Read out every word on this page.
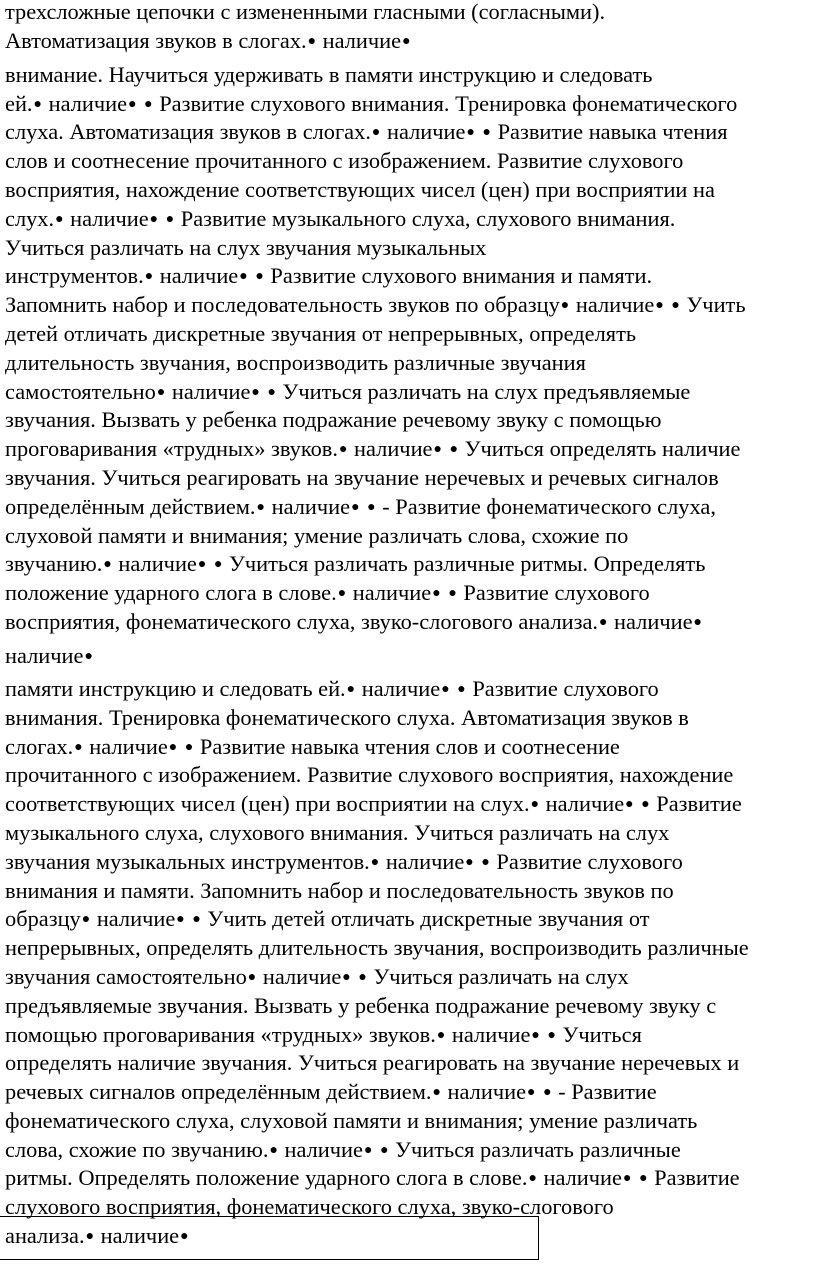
трехсложные цепочки с измененными гласными (согласными).
Автоматизация звуков в слогах.● наличие●
внимание. Научиться удерживать в памяти инструкцию и следовать
ей.● наличие● ● Развитие слухового внимания. Тренировка фонематического
слуха. Автоматизация звуков в слогах.● наличие● ● Развитие навыка чтения
слов и соотнесение прочитанного с изображением. Развитие слухового
восприятия, нахождение соответствующих чисел (цен) при восприятии на
слух.● наличие● ● Развитие музыкального слуха, слухового внимания.
Учиться различать на слух звучания музыкальных
инструментов.● наличие● ● Развитие слухового внимания и памяти.
Запомнить набор и последовательность звуков по образцу● наличие● ● Учить
детей отличать дискретные звучания от непрерывных, определять
длительность звучания, воспроизводить различные звучания
самостоятельно● наличие● ● Учиться различать на слух предъявляемые
звучания. Вызвать у ребенка подражание речевому звуку с помощью
проговаривания «трудных» звуков.● наличие● ● Учиться определять наличие
звучания. Учиться реагировать на звучание неречевых и речевых сигналов
определённым действием.● наличие● ● - Развитие фонематического слуха,
слуховой памяти и внимания; умение различать слова, схожие по
звучанию.● наличие● ● Учиться различать различные ритмы. Определять
положение ударного слога в слове.● наличие● ● Развитие слухового
восприятия, фонематического слуха, звуко-слогового анализа.● наличие●
наличие●
памяти инструкцию и следовать ей.● наличие● ● Развитие слухового
внимания. Тренировка фонематического слуха. Автоматизация звуков в
слогах.● наличие● ● Развитие навыка чтения слов и соотнесение
прочитанного с изображением. Развитие слухового восприятия, нахождение
соответствующих чисел (цен) при восприятии на слух.● наличие● ● Развитие
музыкального слуха, слухового внимания. Учиться различать на слух
звучания музыкальных инструментов.● наличие● ● Развитие слухового
внимания и памяти. Запомнить набор и последовательность звуков по
образцу● наличие● ● Учить детей отличать дискретные звучания от
непрерывных, определять длительность звучания, воспроизводить различные
звучания самостоятельно● наличие● ● Учиться различать на слух
предъявляемые звучания. Вызвать у ребенка подражание речевому звуку с
помощью проговаривания «трудных» звуков.● наличие● ● Учиться
определять наличие звучания. Учиться реагировать на звучание неречевых и
речевых сигналов определённым действием.● наличие● ● - Развитие
фонематического слуха, слуховой памяти и внимания; умение различать
слова, схожие по звучанию.● наличие● ● Учиться различать различные
ритмы. Определять положение ударного слога в слове.● наличие● ● Развитие
слухового восприятия, фонематического слуха, звуко-слогового
анализа.● наличие●
